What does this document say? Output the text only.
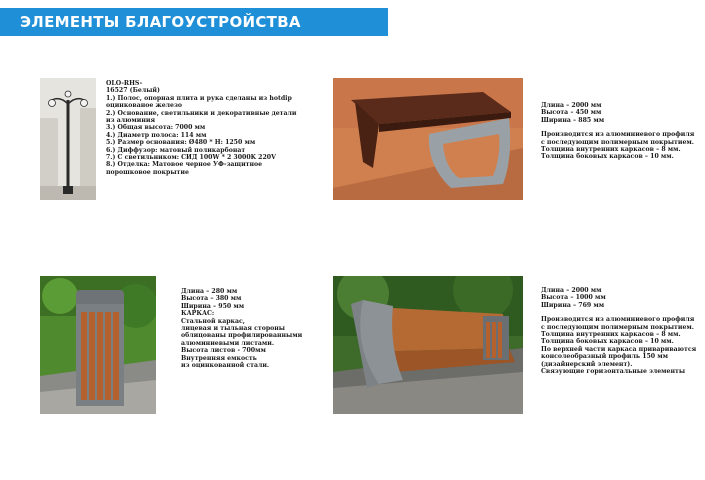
ЭЛЕМЕНТЫ БЛАГОУСТРОЙСТВА
OLO-RHS-
16527 (Белый)
1.) Полос, опорная плита и рука сделаны из hotdip
оцинкованое железо
2.) Основание, светильники и декоративные детали
из алюминия
3.) Общая высота: 7000 мм
4.) Диаметр полоса: 114 мм
5.) Размер основания: Ø480 * H: 1250 мм
6.) Диффузор: матовый поликарбонат
7.) С светильником: СИД 100W * 2 3000K 220V
8.) Отделка: Матовое черное УФ-защитное
порошковое покрытие
Длина – 2000 мм
Высота – 450 мм
Ширина – 885 мм
Производится из алюминиевого профиля
с последующим полимерным покрытием.
Толщина внутренних каркасов – 8 мм.
Толщина боковых каркасов – 10 мм.
Длина – 280 мм
Высота – 380 мм
Ширина – 950 мм
КАРКАС:
Стальной каркас,
лицевая и тыльная стороны
облицованы профилированными
алюминиевыми листами.
Высота листов - 700мм
Внутренняя емкость
из оцинкованной стали.
Длина – 2000 мм
Высота – 1000 мм
Ширина – 769 мм
Производится из алюминиевого профиля
с последующим полимерным покрытием.
Толщина внутренних каркасов – 8 мм.
Толщина боковых каркасов – 10 мм.
По верхней части каркаса привариваются
консолеобразный профиль 150 мм
(дизайнерский элемент).
Связующие горизонтальные элементы
